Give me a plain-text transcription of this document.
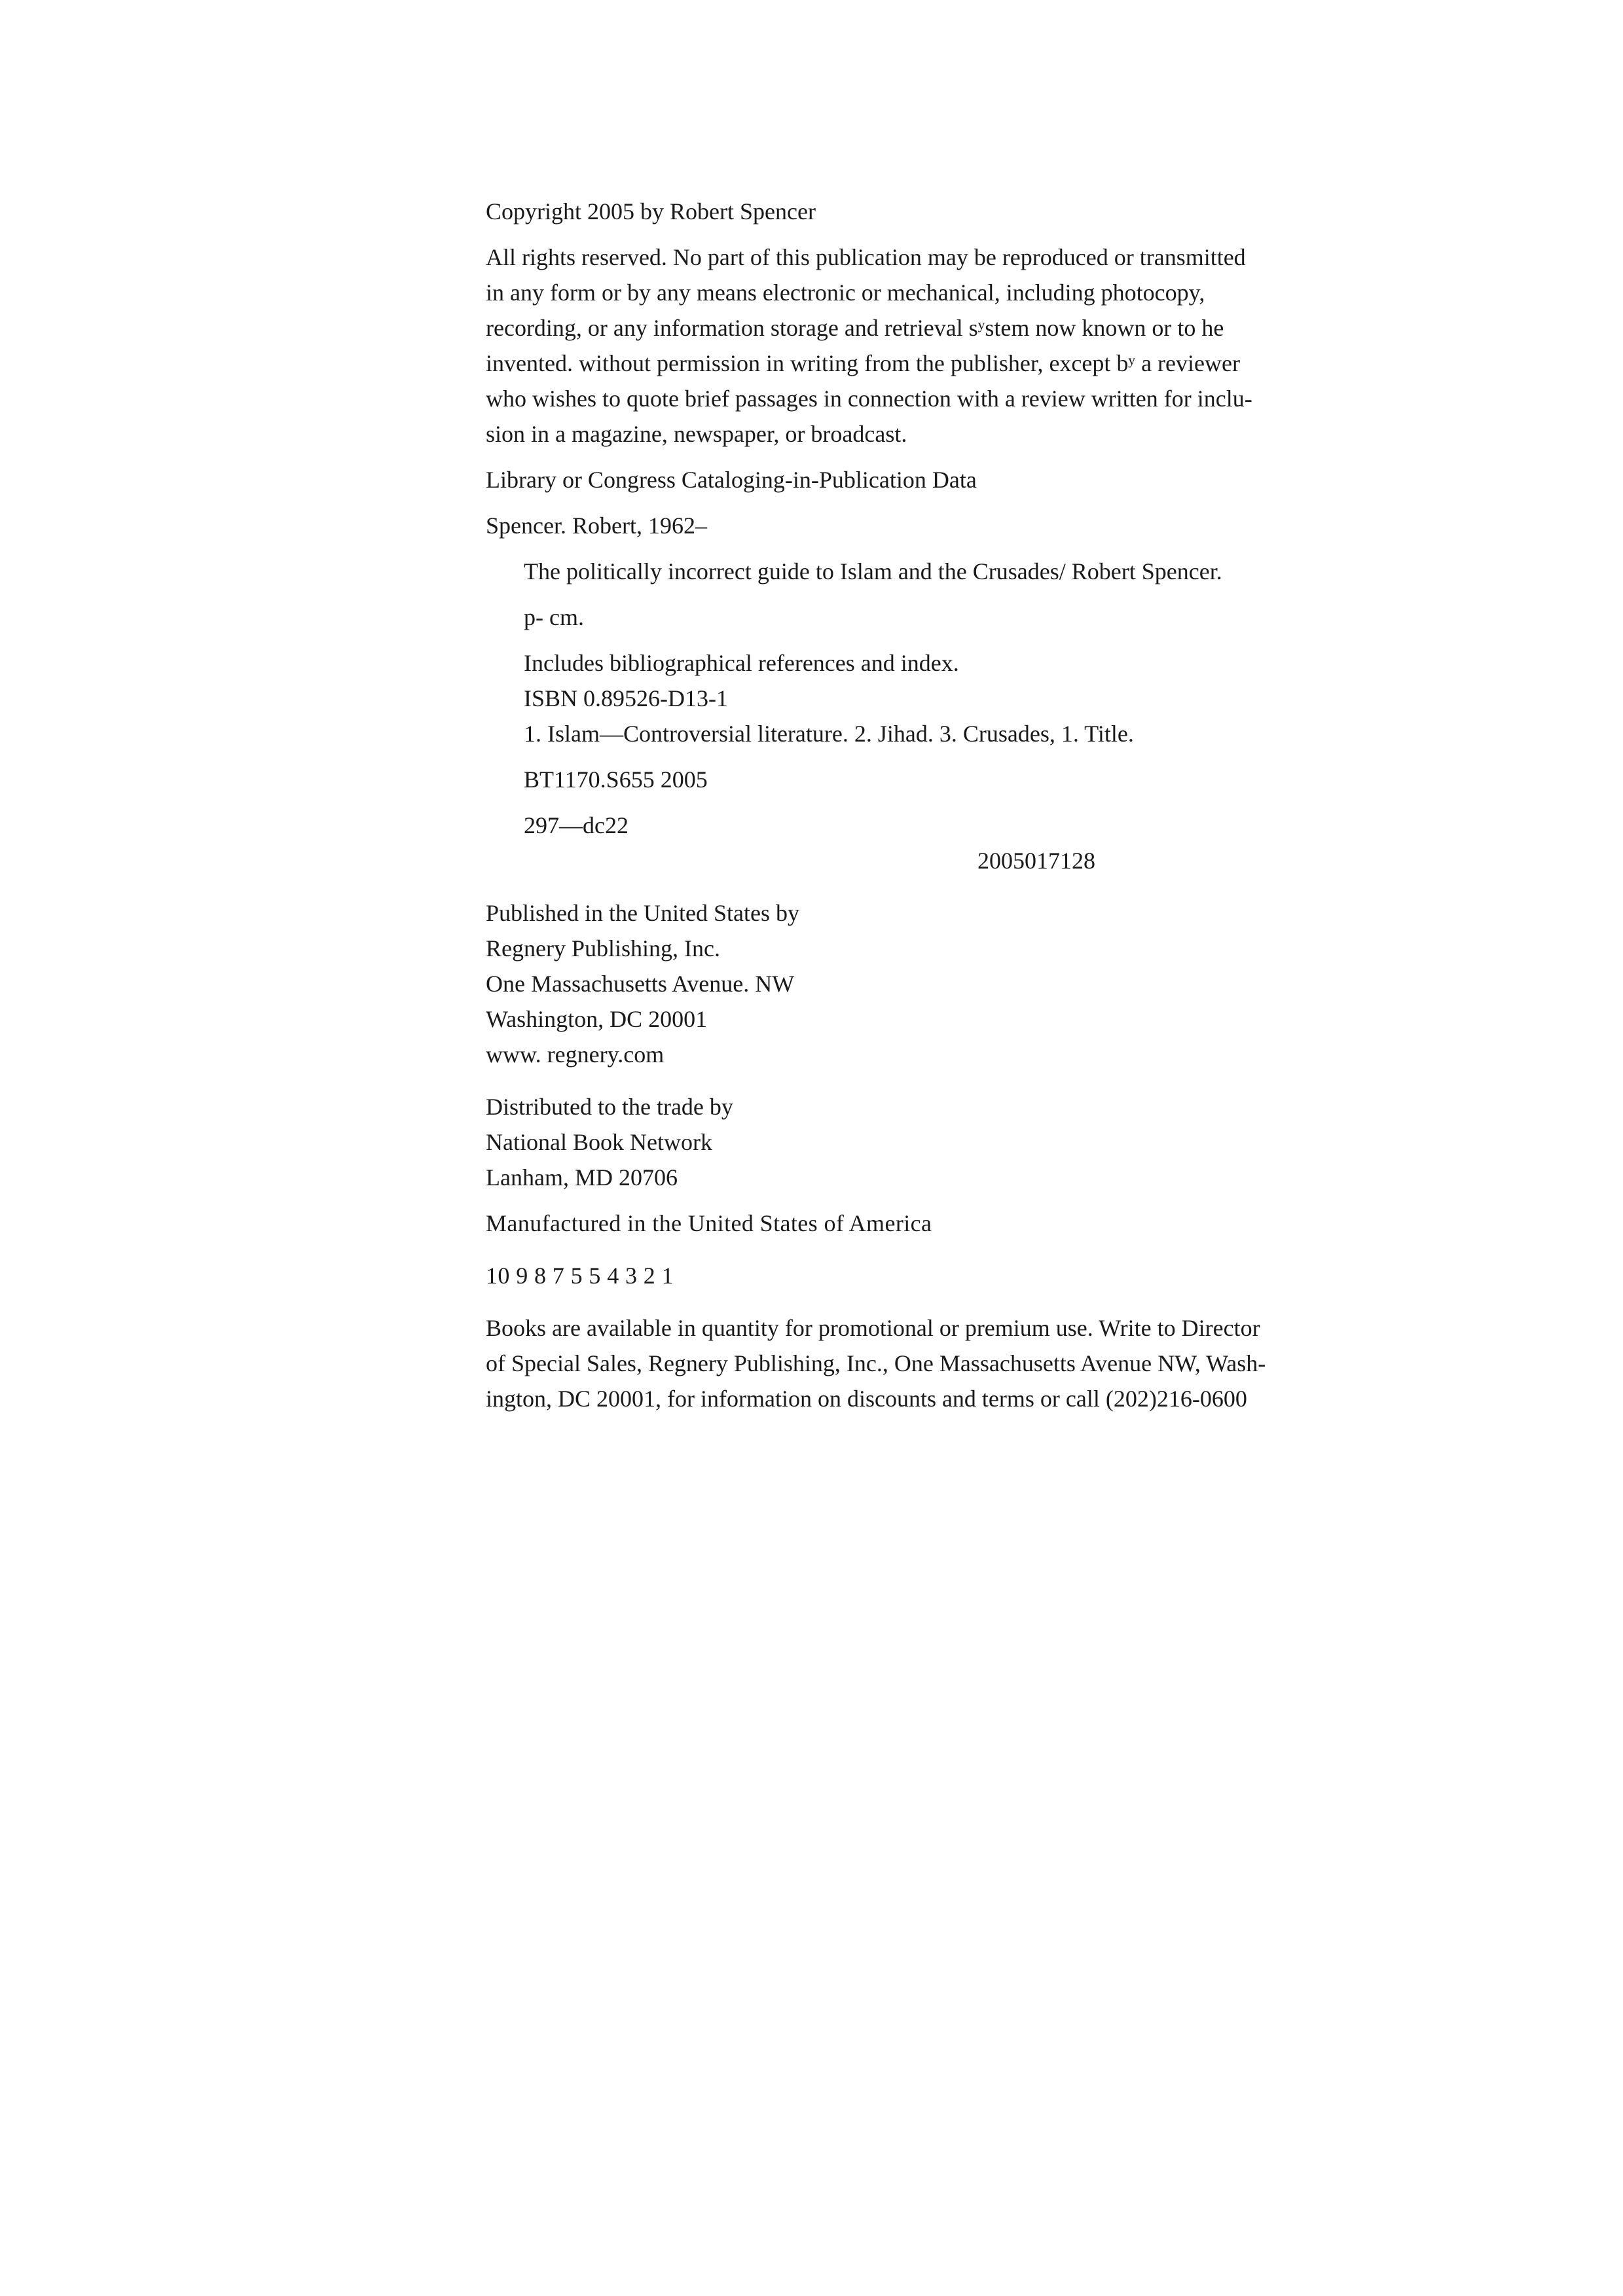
Copyright 2005 by Robert Spencer

All rights reserved. No part of this publication may be reproduced or transmitted
in any form or by any means electronic or mechanical, including photocopy,
recording, or any information storage and retrieval sʸstem now known or to he
invented. without permission in writing from the publisher, except bʸ a reviewer
who wishes to quote brief passages in connection with a review written for inclu-
sion in a magazine, newspaper, or broadcast.

Library or Congress Cataloging-in-Publication Data

Spencer. Robert, 1962–

The politically incorrect guide to Islam and the Crusades/ Robert Spencer.

p- cm.

Includes bibliographical references and index.

ISBN 0.89526-D13-1

1. Islam—Controversial literature. 2. Jihad. 3. Crusades, 1. Title.

BT1170.S655 2005

297—dc22

2005017128

Published in the United States by

Regnery Publishing, Inc.

One Massachusetts Avenue. NW

Washington, DC 20001

www. regnery.com

Distributed to the trade by

National Book Network

Lanham, MD 20706

Manufactured in the United States of America

10 9 8 7 5 5 4 3 2 1

Books are available in quantity for promotional or premium use. Write to Director
of Special Sales, Regnery Publishing, Inc., One Massachusetts Avenue NW, Wash-
ington, DC 20001, for information on discounts and terms or call (202)216-0600
